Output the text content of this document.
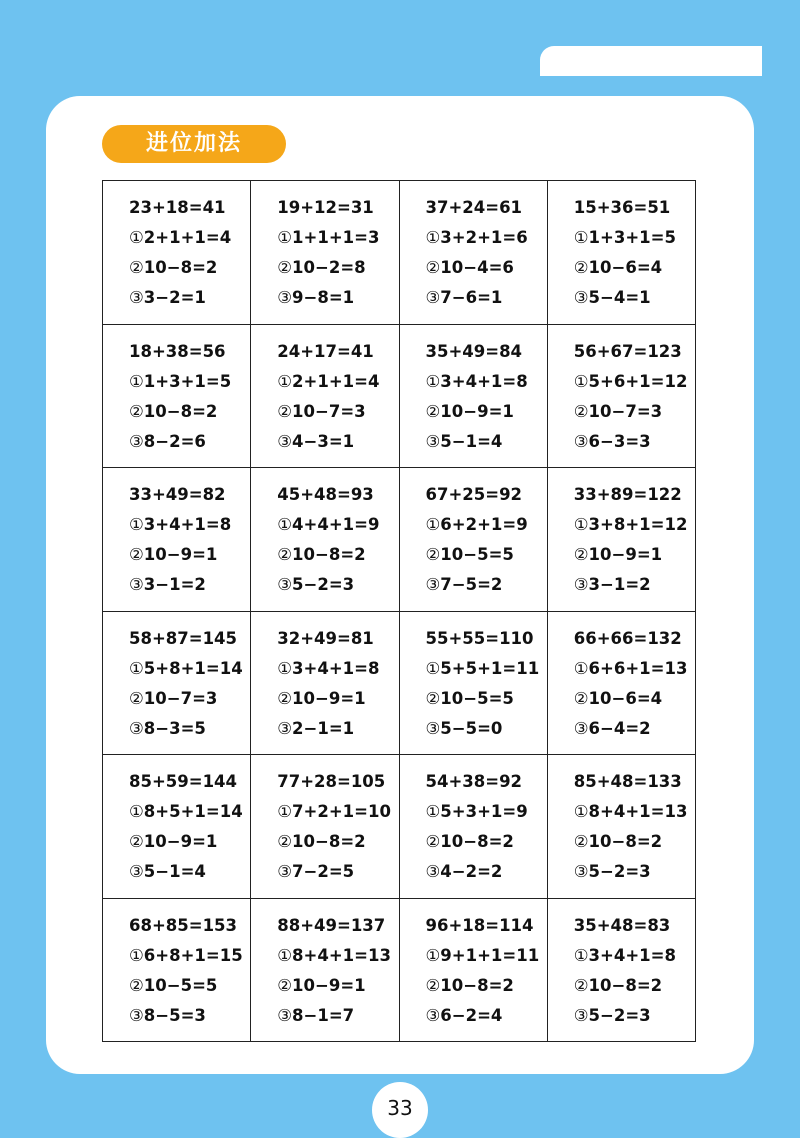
进位加法
23+18=41
①2+1+1=4
②10−8=2
③3−2=1
19+12=31
①1+1+1=3
②10−2=8
③9−8=1
37+24=61
①3+2+1=6
②10−4=6
③7−6=1
15+36=51
①1+3+1=5
②10−6=4
③5−4=1
18+38=56
①1+3+1=5
②10−8=2
③8−2=6
24+17=41
①2+1+1=4
②10−7=3
③4−3=1
35+49=84
①3+4+1=8
②10−9=1
③5−1=4
56+67=123
①5+6+1=12
②10−7=3
③6−3=3
33+49=82
①3+4+1=8
②10−9=1
③3−1=2
45+48=93
①4+4+1=9
②10−8=2
③5−2=3
67+25=92
①6+2+1=9
②10−5=5
③7−5=2
33+89=122
①3+8+1=12
②10−9=1
③3−1=2
58+87=145
①5+8+1=14
②10−7=3
③8−3=5
32+49=81
①3+4+1=8
②10−9=1
③2−1=1
55+55=110
①5+5+1=11
②10−5=5
③5−5=0
66+66=132
①6+6+1=13
②10−6=4
③6−4=2
85+59=144
①8+5+1=14
②10−9=1
③5−1=4
77+28=105
①7+2+1=10
②10−8=2
③7−2=5
54+38=92
①5+3+1=9
②10−8=2
③4−2=2
85+48=133
①8+4+1=13
②10−8=2
③5−2=3
68+85=153
①6+8+1=15
②10−5=5
③8−5=3
88+49=137
①8+4+1=13
②10−9=1
③8−1=7
96+18=114
①9+1+1=11
②10−8=2
③6−2=4
35+48=83
①3+4+1=8
②10−8=2
③5−2=3
33
